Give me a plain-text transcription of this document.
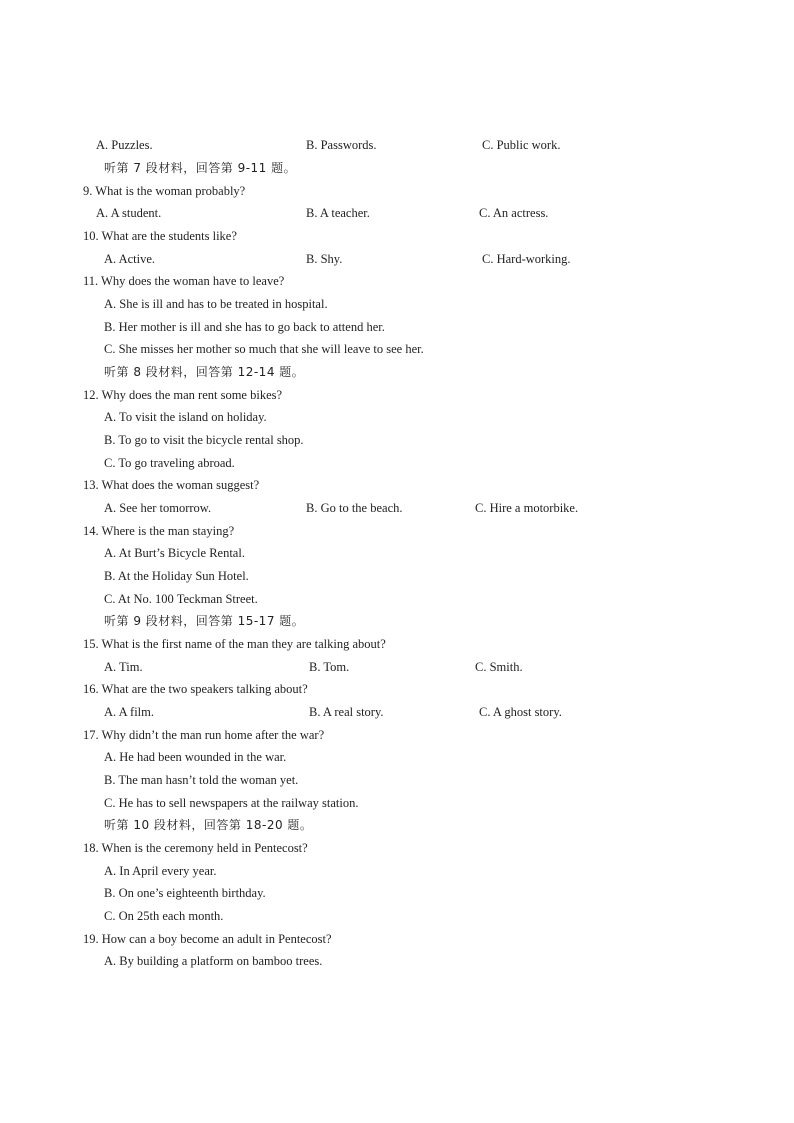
A. Puzzles.	B. Passwords.	C. Public work.
听第 7 段材料，回答第 9-11 题。
9. What is the woman probably?
A. A student.	B. A teacher.	C. An actress.
10. What are the students like?
A. Active.	B. Shy.	C. Hard-working.
11. Why does the woman have to leave?
A. She is ill and has to be treated in hospital.
B. Her mother is ill and she has to go back to attend her.
C. She misses her mother so much that she will leave to see her.
听第 8 段材料，回答第 12-14 题。
12. Why does the man rent some bikes?
A. To visit the island on holiday.
B. To go to visit the bicycle rental shop.
C. To go traveling abroad.
13. What does the woman suggest?
A. See her tomorrow.	B. Go to the beach.	C. Hire a motorbike.
14. Where is the man staying?
A. At Burt’s Bicycle Rental.
B. At the Holiday Sun Hotel.
C. At No. 100 Teckman Street.
听第 9 段材料，回答第 15-17 题。
15. What is the first name of the man they are talking about?
A. Tim.	B. Tom.	C. Smith.
16. What are the two speakers talking about?
A. A film.	B. A real story.	C. A ghost story.
17. Why didn’t the man run home after the war?
A. He had been wounded in the war.
B. The man hasn’t told the woman yet.
C. He has to sell newspapers at the railway station.
听第 10 段材料，回答第 18-20 题。
18. When is the ceremony held in Pentecost?
A. In April every year.
B. On one’s eighteenth birthday.
C. On 25th each month.
19. How can a boy become an adult in Pentecost?
A. By building a platform on bamboo trees.
